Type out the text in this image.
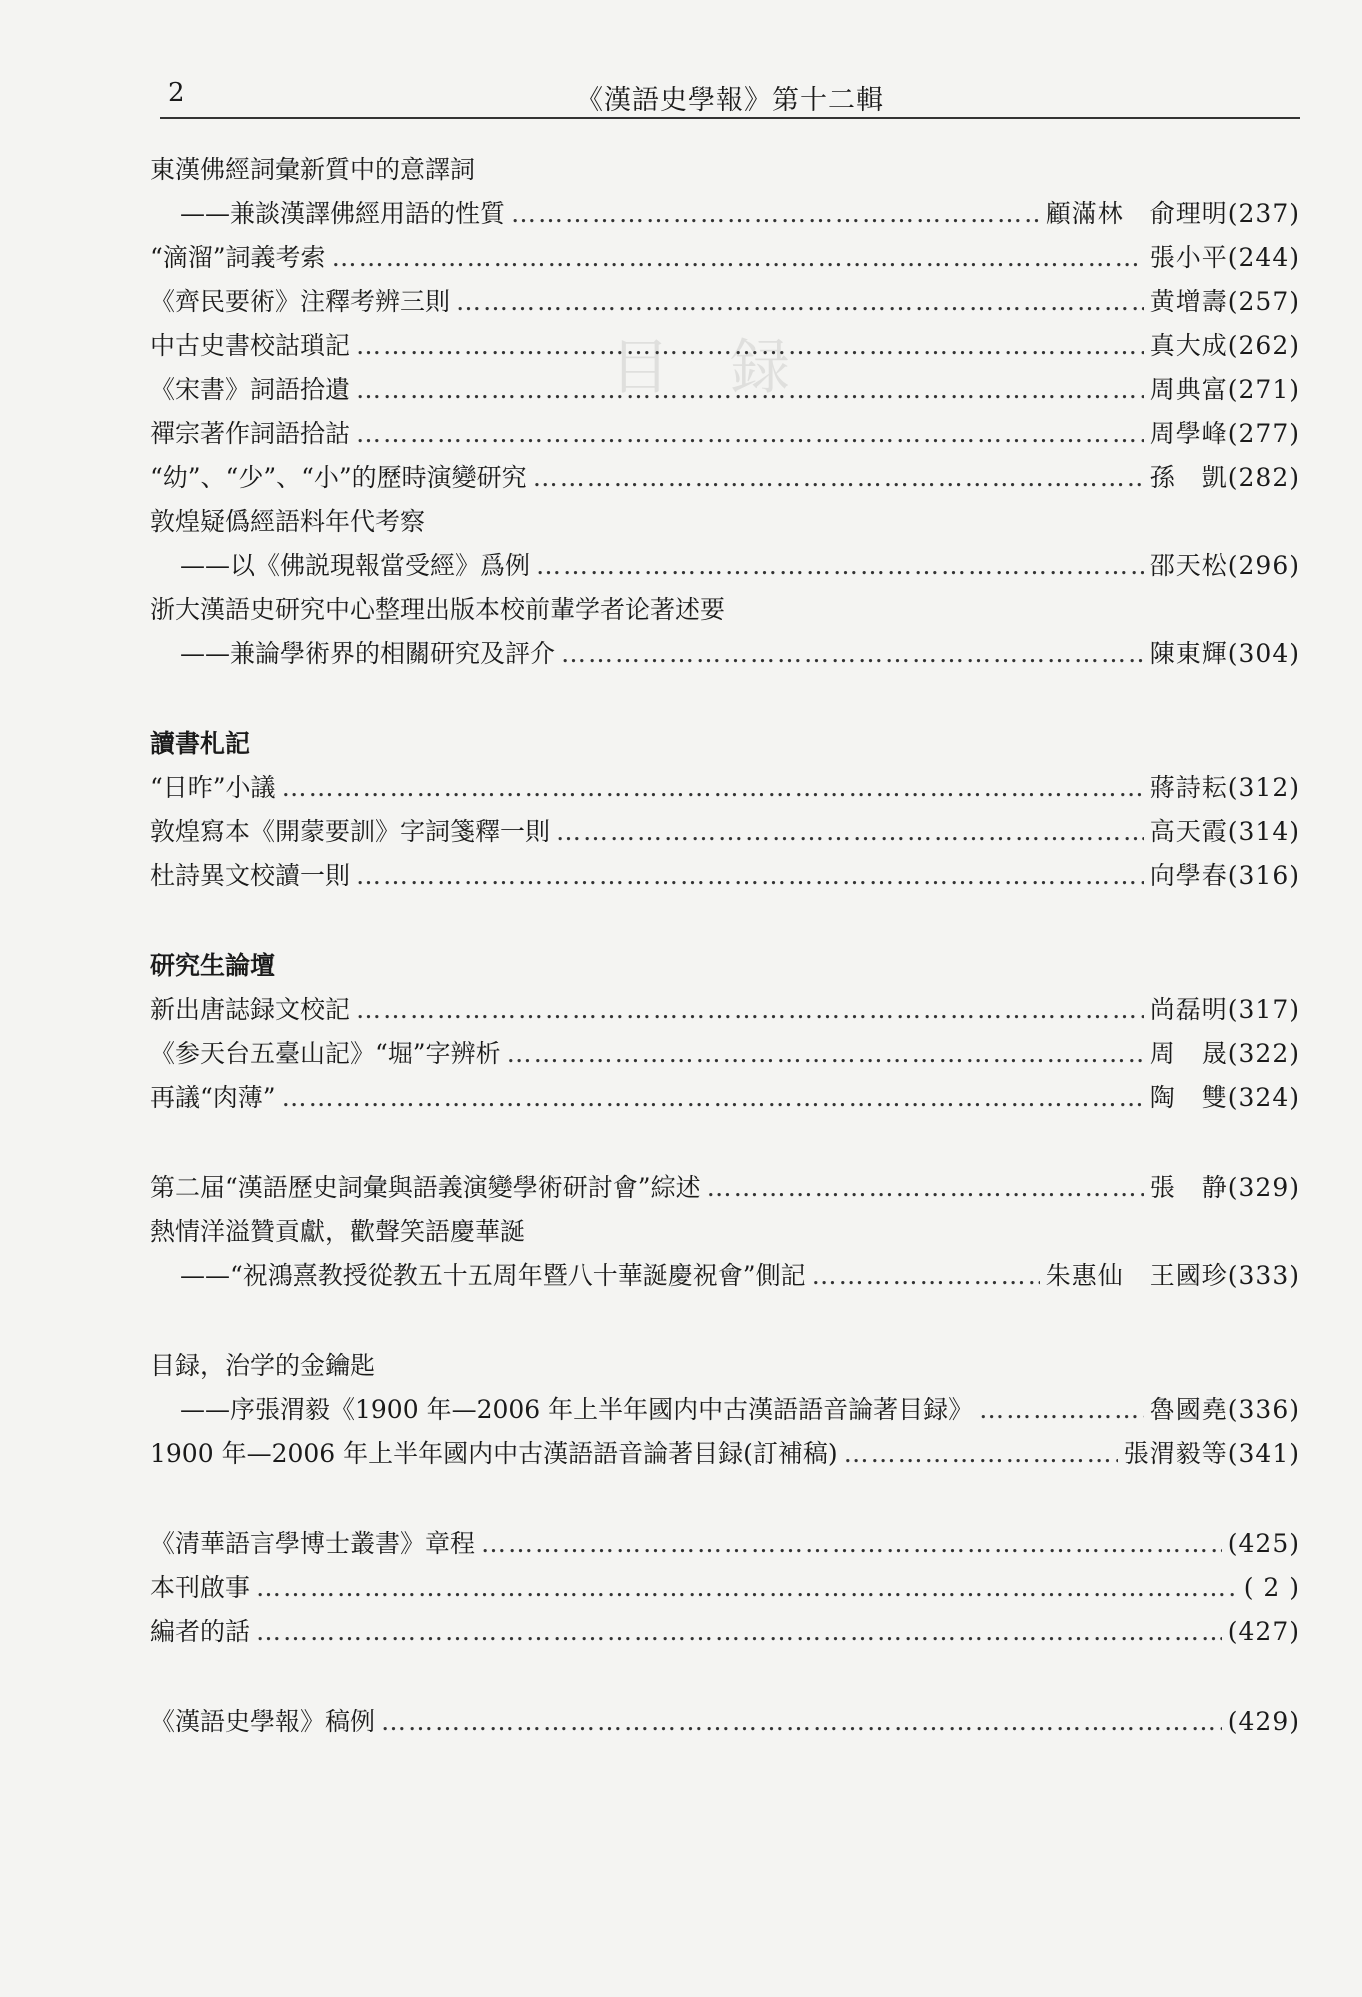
目　録
2	《漢語史學報》第十二輯
東漢佛經詞彙新質中的意譯詞
——兼談漢譯佛經用語的性質 …………………………………………………………………………………………………………………………………………………………………………………………………………………	顧滿林　俞理明(237)
“滴溜”詞義考索 …………………………………………………………………………………………………………………………………………………………………………………………………………………	張小平(244)
《齊民要術》注釋考辨三則 …………………………………………………………………………………………………………………………………………………………………………………………………………………	黄增壽(257)
中古史書校詁瑣記 …………………………………………………………………………………………………………………………………………………………………………………………………………………	真大成(262)
《宋書》詞語拾遺 …………………………………………………………………………………………………………………………………………………………………………………………………………………	周典富(271)
禪宗著作詞語拾詁 …………………………………………………………………………………………………………………………………………………………………………………………………………………	周學峰(277)
“幼”、“少”、“小”的歷時演變研究 …………………………………………………………………………………………………………………………………………………………………………………………………………………	孫　凱(282)
敦煌疑僞經語料年代考察
——以《佛説現報當受經》爲例 …………………………………………………………………………………………………………………………………………………………………………………………………………………	邵天松(296)
浙大漢語史研究中心整理出版本校前輩学者论著述要
——兼論學術界的相關研究及評介 …………………………………………………………………………………………………………………………………………………………………………………………………………………	陳東輝(304)
讀書札記
“日昨”小議 …………………………………………………………………………………………………………………………………………………………………………………………………………………	蔣詩耘(312)
敦煌寫本《開蒙要訓》字詞箋釋一則 …………………………………………………………………………………………………………………………………………………………………………………………………………………	高天霞(314)
杜詩異文校讀一則 …………………………………………………………………………………………………………………………………………………………………………………………………………………	向學春(316)
研究生論壇
新出唐誌録文校記 …………………………………………………………………………………………………………………………………………………………………………………………………………………	尚磊明(317)
《参天台五臺山記》“堀”字辨析 …………………………………………………………………………………………………………………………………………………………………………………………………………………	周　晟(322)
再議“肉薄” …………………………………………………………………………………………………………………………………………………………………………………………………………………	陶　雙(324)
第二届“漢語歷史詞彙與語義演變學術研討會”綜述 …………………………………………………………………………………………………………………………………………………………………………………………………………………	張　静(329)
熱情洋溢贊貢獻，歡聲笑語慶華誕
——“祝鴻熹教授從教五十五周年暨八十華誕慶祝會”側記 …………………………………………………………………………………………………………………………………………………………………………………………………………………	朱惠仙　王國珍(333)
目録，治学的金鑰匙
——序張渭毅《1900 年—2006 年上半年國内中古漢語語音論著目録》 …………………………………………………………………………………………………………………………………………………………………………………………………………………	魯國堯(336)
1900 年—2006 年上半年國内中古漢語語音論著目録(訂補稿) …………………………………………………………………………………………………………………………………………………………………………………………………………………	張渭毅等(341)
《清華語言學博士叢書》章程 …………………………………………………………………………………………………………………………………………………………………………………………………………………	(425)
本刊啟事 …………………………………………………………………………………………………………………………………………………………………………………………………………………	( 2 )
編者的話 …………………………………………………………………………………………………………………………………………………………………………………………………………………	(427)
《漢語史學報》稿例 …………………………………………………………………………………………………………………………………………………………………………………………………………………	(429)
